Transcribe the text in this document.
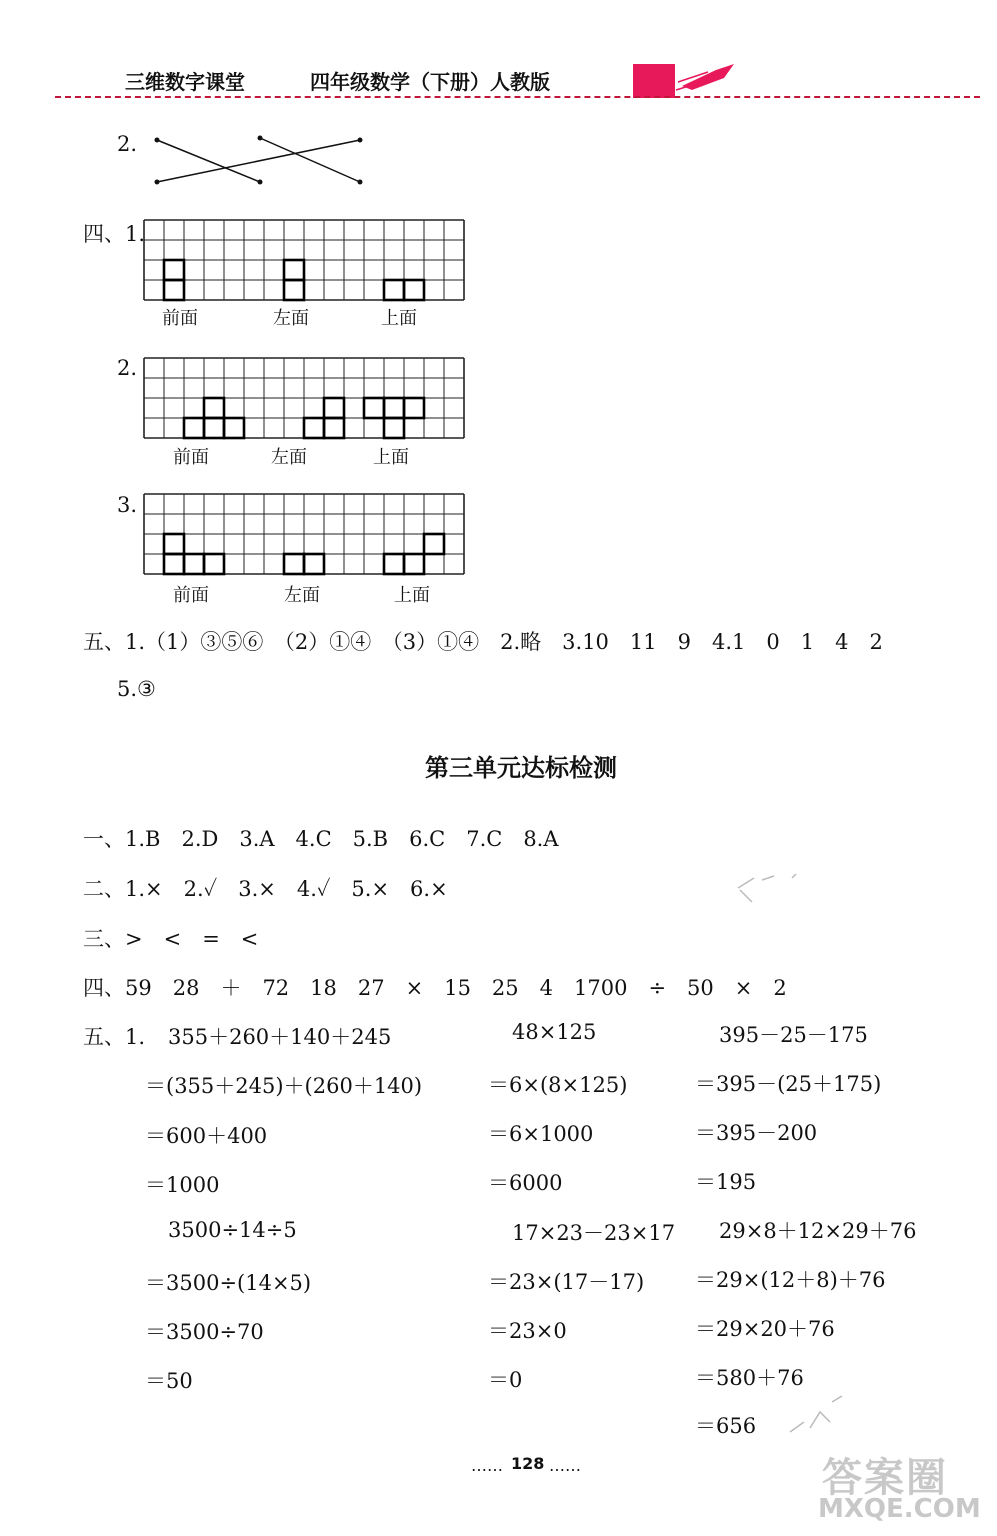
三维数字课堂	四年级数学（下册）人教版
2.
四、1.
2.
3.
前面	左面	上面
前面	左面	上面
前面	左面	上面
五、1.（1）③⑤⑥　（2）①④　（3）①④　2.略　3.10　11　9　4.1　0　1　4　2
5.③
第三单元达标检测
一、1.B　2.D　3.A　4.C　5.B　6.C　7.C　8.A
二、1.×　2.✓　3.×　4.✓　5.×　6.×
三、>　<　=　<
四、59　28　＋　72　18　27　×　15　25　4　1700　÷　50　×　2
五、1. 355＋260＋140＋245
＝(355＋245)＋(260＋140)
＝600＋400
＝1000
3500÷14÷5
＝3500÷(14×5)
＝3500÷70
＝50
48×125
＝6×(8×125)
＝6×1000
＝6000
17×23－23×17
＝23×(17－17)
＝23×0
＝0
395－25－175
＝395－(25＋175)
＝395－200
＝195
29×8＋12×29＋76
＝29×(12＋8)＋76
＝29×20＋76
＝580＋76
＝656
…… 128 ……	答案圈
MXQE.COM
